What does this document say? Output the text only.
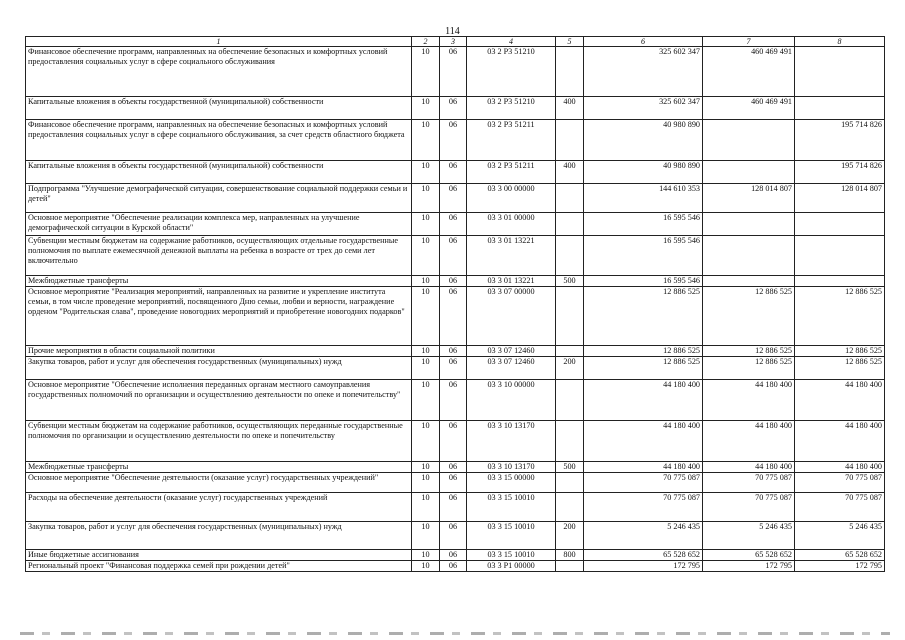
114
1	2	3	4	5	6	7	8
Финансовое обеспечение программ, направленных на обеспечение безопасных и комфортных условий предоставления социальных услуг в сфере социального обслуживания	10	06	03 2 P3 51210		325 602 347	460 469 491	
Капитальные вложения в объекты государственной (муниципальной) собственности	10	06	03 2 P3 51210	400	325 602 347	460 469 491	
Финансовое обеспечение программ, направленных на обеспечение безопасных и комфортных условий предоставления социальных услуг в сфере социального обслуживания, за счет средств областного бюджета	10	06	03 2 P3 51211		40 980 890		195 714 826
Капитальные вложения в объекты государственной (муниципальной) собственности	10	06	03 2 P3 51211	400	40 980 890		195 714 826
Подпрограмма "Улучшение демографической ситуации, совершенствование социальной поддержки семьи и детей"	10	06	03 3 00 00000		144 610 353	128 014 807	128 014 807
Основное мероприятие "Обеспечение реализации комплекса мер, направленных на улучшение демографической ситуации в Курской области"	10	06	03 3 01 00000		16 595 546		
Субвенции местным бюджетам на содержание работников, осуществляющих отдельные государственные полномочия по выплате ежемесячной денежной выплаты на ребенка в возрасте от трех до семи лет включительно	10	06	03 3 01 13221		16 595 546		
Межбюджетные трансферты	10	06	03 3 01 13221	500	16 595 546		
Основное мероприятие "Реализация мероприятий, направленных на развитие и укрепление института семьи, в том числе проведение мероприятий, посвященного Дню семьи, любви и верности, награждение орденом "Родительская слава", проведение новогодних мероприятий и приобретение новогодних подарков"	10	06	03 3 07 00000		12 886 525	12 886 525	12 886 525
Прочие мероприятия в области социальной политики	10	06	03 3 07 12460		12 886 525	12 886 525	12 886 525
Закупка товаров, работ и услуг для обеспечения государственных (муниципальных) нужд	10	06	03 3 07 12460	200	12 886 525	12 886 525	12 886 525
Основное мероприятие "Обеспечение исполнения переданных органам местного самоуправления государственных полномочий по организации и осуществлению деятельности по опеке и попечительству"	10	06	03 3 10 00000		44 180 400	44 180 400	44 180 400
Субвенции местным бюджетам на содержание работников, осуществляющих переданные государственные полномочия по организации и осуществлению деятельности по опеке и попечительству	10	06	03 3 10 13170		44 180 400	44 180 400	44 180 400
Межбюджетные трансферты	10	06	03 3 10 13170	500	44 180 400	44 180 400	44 180 400
Основное мероприятие "Обеспечение деятельности (оказание услуг) государственных учреждений"	10	06	03 3 15 00000		70 775 087	70 775 087	70 775 087
Расходы на обеспечение деятельности (оказание услуг) государственных учреждений	10	06	03 3 15 10010		70 775 087	70 775 087	70 775 087
Закупка товаров, работ и услуг для обеспечения государственных (муниципальных) нужд	10	06	03 3 15 10010	200	5 246 435	5 246 435	5 246 435
Иные бюджетные ассигнования	10	06	03 3 15 10010	800	65 528 652	65 528 652	65 528 652
Региональный проект "Финансовая поддержка семей при рождении детей"	10	06	03 3 P1 00000		172 795	172 795	172 795
